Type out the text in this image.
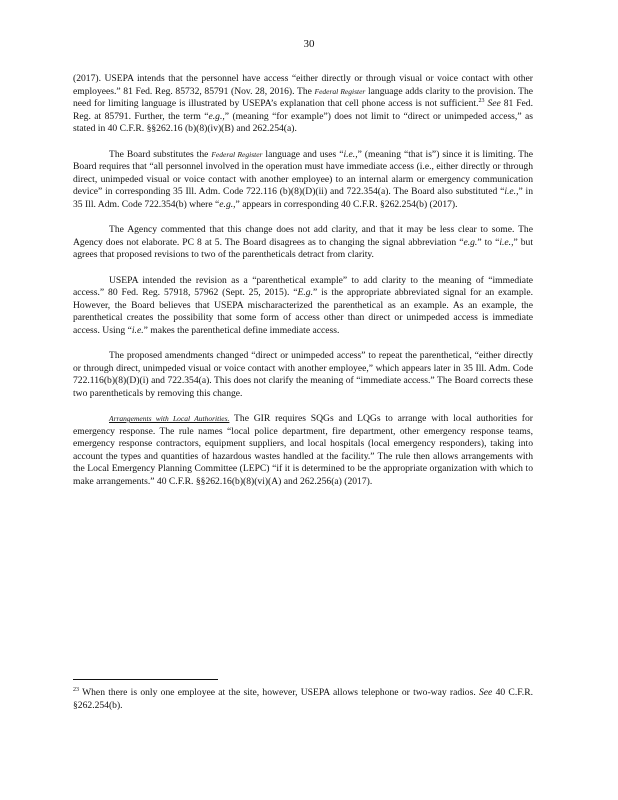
30

(2017). USEPA intends that the personnel have access “either directly or through visual or voice contact with other employees.” 81 Fed. Reg. 85732, 85791 (Nov. 28, 2016). The Federal Register language adds clarity to the provision. The need for limiting language is illustrated by USEPA’s explanation that cell phone access is not sufficient.$^{23}$ See 81 Fed. Reg. at 85791. Further, the term “e.g.,” (meaning “for example”) does not limit to “direct or unimpeded access,” as stated in 40 C.F.R. §§262.16 (b)(8)(iv)(B) and 262.254(a).

The Board substitutes the Federal Register language and uses “i.e.,” (meaning “that is”) since it is limiting. The Board requires that “all personnel involved in the operation must have immediate access (i.e., either directly or through direct, unimpeded visual or voice contact with another employee) to an internal alarm or emergency communication device” in corresponding 35 Ill. Adm. Code 722.116 (b)(8)(D)(ii) and 722.354(a). The Board also substituted “i.e.,” in 35 Ill. Adm. Code 722.354(b) where “e.g.,” appears in corresponding 40 C.F.R. §262.254(b) (2017).

The Agency commented that this change does not add clarity, and that it may be less clear to some. The Agency does not elaborate. PC 8 at 5. The Board disagrees as to changing the signal abbreviation “e.g.” to “i.e.,” but agrees that proposed revisions to two of the parentheticals detract from clarity.

USEPA intended the revision as a “parenthetical example” to add clarity to the meaning of “immediate access.” 80 Fed. Reg. 57918, 57962 (Sept. 25, 2015). “E.g.” is the appropriate abbreviated signal for an example. However, the Board believes that USEPA mischaracterized the parenthetical as an example. As an example, the parenthetical creates the possibility that some form of access other than direct or unimpeded access is immediate access. Using “i.e.” makes the parenthetical define immediate access.

The proposed amendments changed “direct or unimpeded access” to repeat the parenthetical, “either directly or through direct, unimpeded visual or voice contact with another employee,” which appears later in 35 Ill. Adm. Code 722.116(b)(8)(D)(i) and 722.354(a). This does not clarify the meaning of “immediate access.” The Board corrects these two parentheticals by removing this change.

Arrangements with Local Authorities. The GIR requires SQGs and LQGs to arrange with local authorities for emergency response. The rule names “local police department, fire department, other emergency response teams, emergency response contractors, equipment suppliers, and local hospitals (local emergency responders), taking into account the types and quantities of hazardous wastes handled at the facility.” The rule then allows arrangements with the Local Emergency Planning Committee (LEPC) “if it is determined to be the appropriate organization with which to make arrangements.” 40 C.F.R. §§262.16(b)(8)(vi)(A) and 262.256(a) (2017).

$^{23}$ When there is only one employee at the site, however, USEPA allows telephone or two-way radios. See 40 C.F.R. §262.254(b).
